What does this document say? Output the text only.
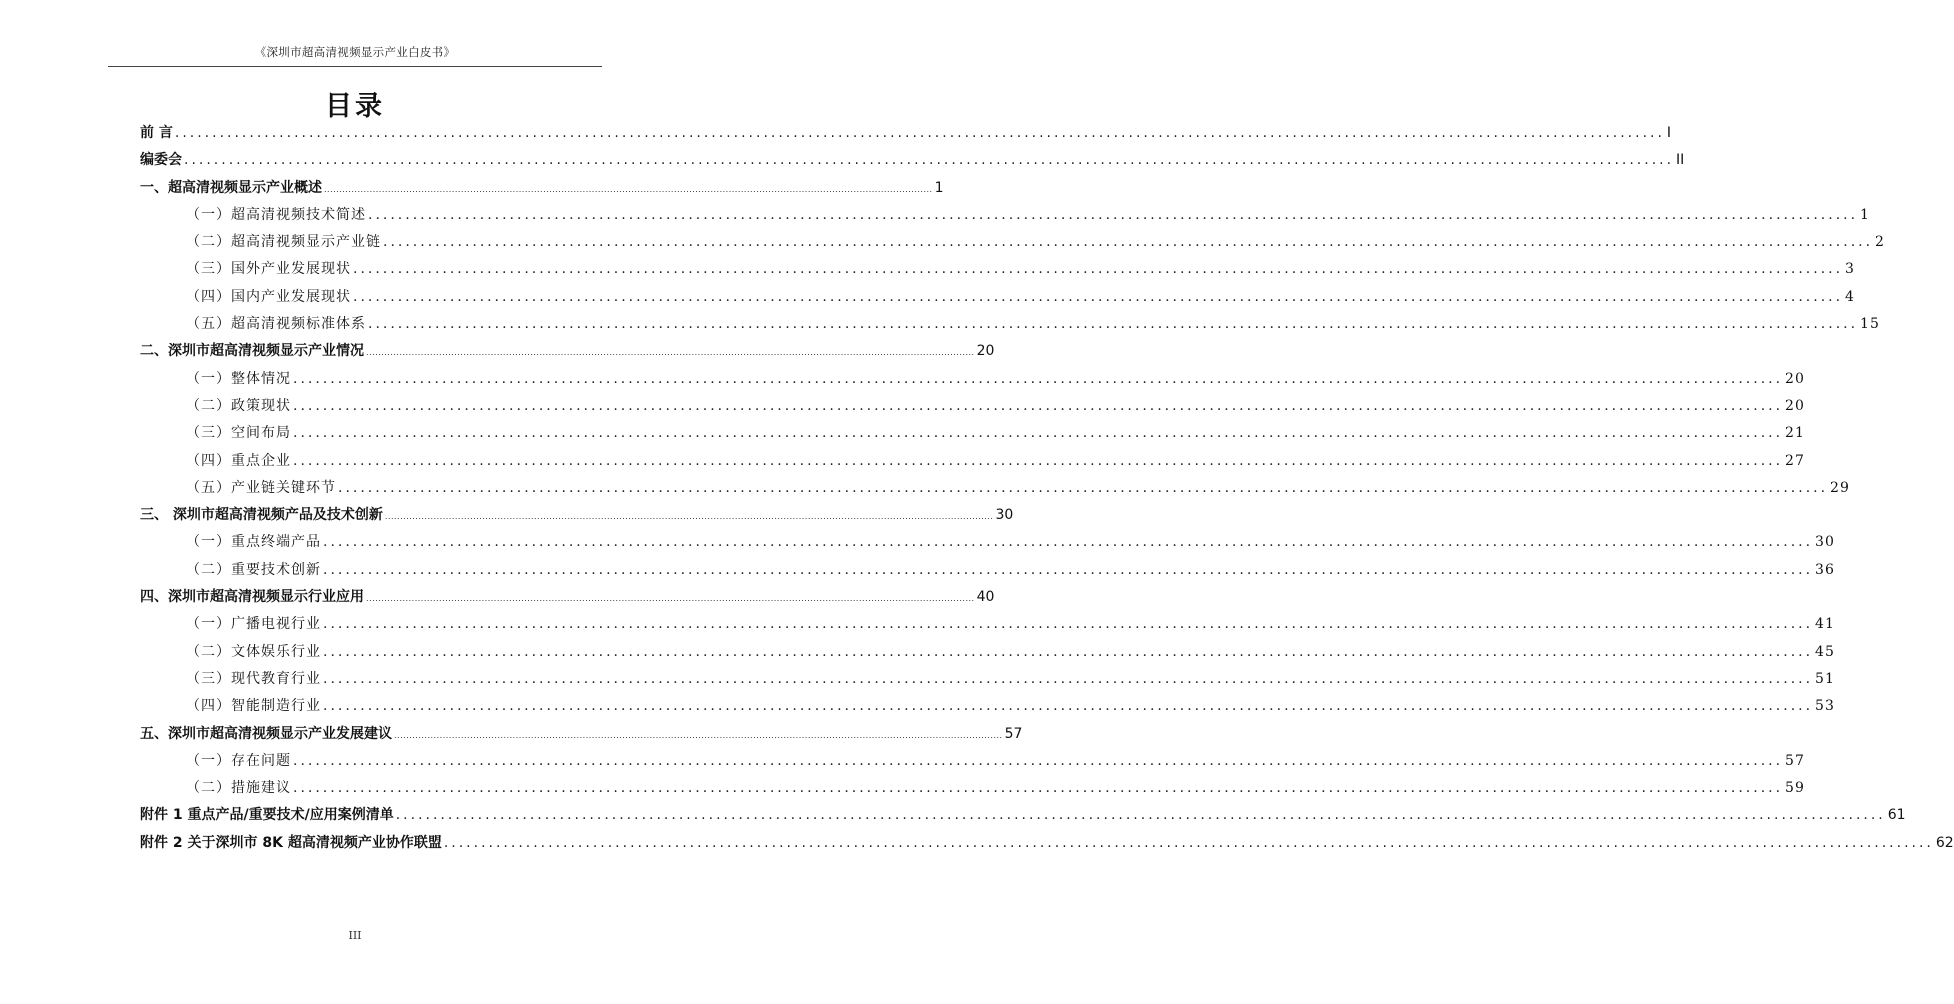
《深圳市超高清视频显示产业白皮书》
目录
前 言 ........................................................................................................................................................................................................ I
编委会 ........................................................................................................................................................................................................ II
一、超高清视频显示产业概述 ........................................................................................................................................................................................................ 1
（一）超高清视频技术简述 ........................................................................................................................................................................................................ 1
（二）超高清视频显示产业链 ........................................................................................................................................................................................................ 2
（三）国外产业发展现状 ........................................................................................................................................................................................................ 3
（四）国内产业发展现状 ........................................................................................................................................................................................................ 4
（五）超高清视频标准体系 ........................................................................................................................................................................................................ 15
二、深圳市超高清视频显示产业情况 ........................................................................................................................................................................................................ 20
（一）整体情况 ........................................................................................................................................................................................................ 20
（二）政策现状 ........................................................................................................................................................................................................ 20
（三）空间布局 ........................................................................................................................................................................................................ 21
（四）重点企业 ........................................................................................................................................................................................................ 27
（五）产业链关键环节 ........................................................................................................................................................................................................ 29
三、 深圳市超高清视频产品及技术创新 ........................................................................................................................................................................................................ 30
（一）重点终端产品 ........................................................................................................................................................................................................ 30
（二）重要技术创新 ........................................................................................................................................................................................................ 36
四、深圳市超高清视频显示行业应用 ........................................................................................................................................................................................................ 40
（一）广播电视行业 ........................................................................................................................................................................................................ 41
（二）文体娱乐行业 ........................................................................................................................................................................................................ 45
（三）现代教育行业 ........................................................................................................................................................................................................ 51
（四）智能制造行业 ........................................................................................................................................................................................................ 53
五、深圳市超高清视频显示产业发展建议 ........................................................................................................................................................................................................ 57
（一）存在问题 ........................................................................................................................................................................................................ 57
（二）措施建议 ........................................................................................................................................................................................................ 59
附件 1 重点产品/重要技术/应用案例清单 ........................................................................................................................................................................................................ 61
附件 2 关于深圳市 8K 超高清视频产业协作联盟 ........................................................................................................................................................................................................ 62
III
